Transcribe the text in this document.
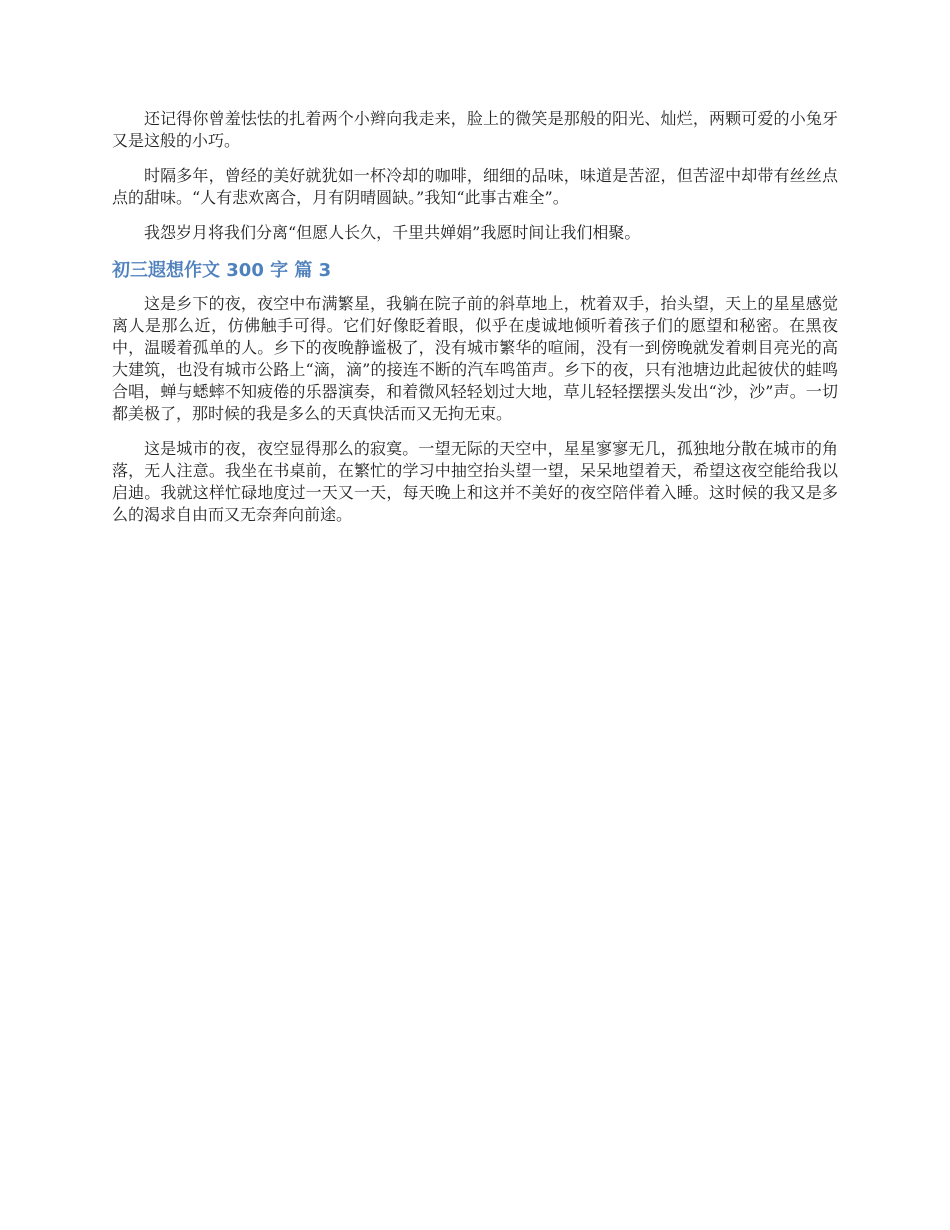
还记得你曾羞怯怯的扎着两个小辫向我走来，脸上的微笑是那般的阳光、灿烂，两颗可爱的小兔牙又是这般的小巧。

时隔多年，曾经的美好就犹如一杯冷却的咖啡，细细的品味，味道是苦涩，但苦涩中却带有丝丝点点的甜味。“人有悲欢离合，月有阴晴圆缺。”我知“此事古难全”。

我怨岁月将我们分离“但愿人长久，千里共婵娟”我愿时间让我们相聚。

初三遐想作文 300 字 篇 3

这是乡下的夜，夜空中布满繁星，我躺在院子前的斜草地上，枕着双手，抬头望，天上的星星感觉离人是那么近，仿佛触手可得。它们好像眨着眼，似乎在虔诚地倾听着孩子们的愿望和秘密。在黑夜中，温暖着孤单的人。乡下的夜晚静谧极了，没有城市繁华的喧闹，没有一到傍晚就发着刺目亮光的高大建筑，也没有城市公路上“滴，滴”的接连不断的汽车鸣笛声。乡下的夜，只有池塘边此起彼伏的蛙鸣合唱，蝉与蟋蟀不知疲倦的乐器演奏，和着微风轻轻划过大地，草儿轻轻摆摆头发出“沙，沙”声。一切都美极了，那时候的我是多么的天真快活而又无拘无束。

这是城市的夜，夜空显得那么的寂寞。一望无际的天空中，星星寥寥无几，孤独地分散在城市的角落，无人注意。我坐在书桌前，在繁忙的学习中抽空抬头望一望，呆呆地望着天，希望这夜空能给我以启迪。我就这样忙碌地度过一天又一天，每天晚上和这并不美好的夜空陪伴着入睡。这时候的我又是多么的渴求自由而又无奈奔向前途。
